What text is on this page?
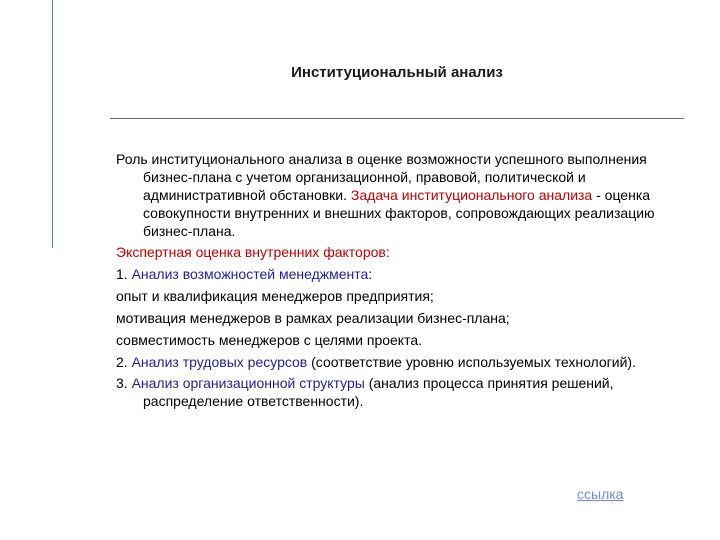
Институциональный анализ

Роль институционального анализа в оценке возможности успешного выполнения бизнес-плана с учетом организационной, правовой, политической и административной обстановки. Задача институционального анализа - оценка совокупности внутренних и внешних факторов, сопровождающих реализацию бизнес-плана.

Экспертная оценка внутренних факторов:

1. Анализ возможностей менеджмента:

опыт и квалификация менеджеров предприятия;

мотивация менеджеров в рамках реализации бизнес-плана;

совместимость менеджеров с целями проекта.

2. Анализ трудовых ресурсов (соответствие уровню используемых технологий).

3. Анализ организационной структуры (анализ процесса принятия решений, распределение ответственности).

ссылка
